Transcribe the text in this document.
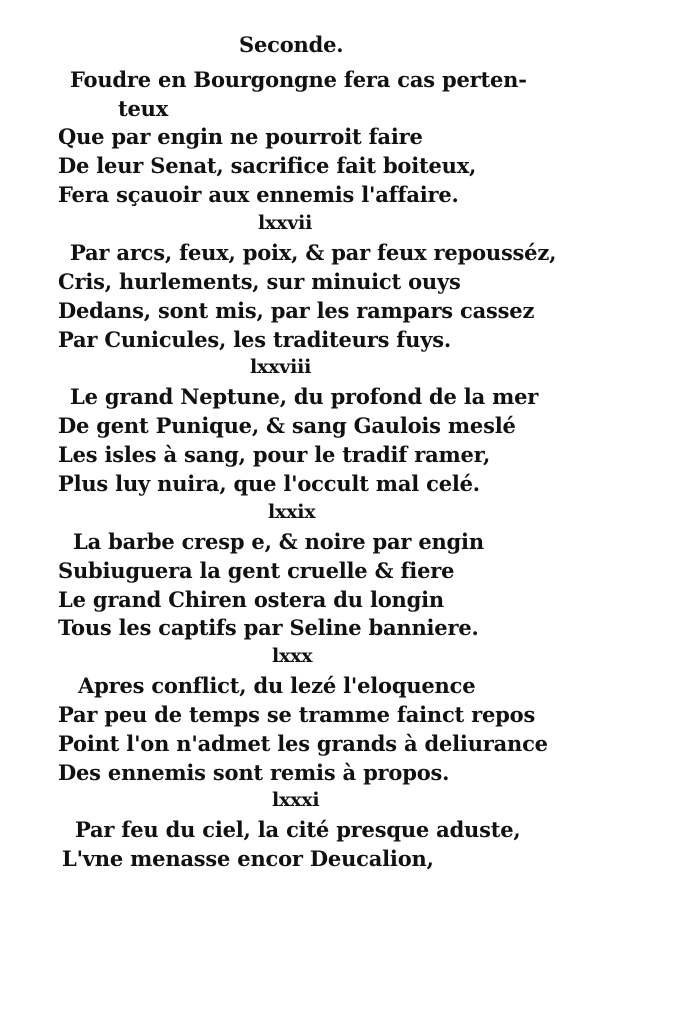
Seconde.
Foudre en Bourgongne fera cas perten-
teux
Que par engin ne pourroit faire
De leur Senat, sacrifice fait boiteux,
Fera sçauoir aux ennemis l'affaire.
lxxvii
Par arcs, feux, poix, & par feux repousséz,
Cris, hurlements, sur minuict ouys
Dedans, sont mis, par les rampars cassez
Par Cunicules, les traditeurs fuys.
lxxviii
Le grand Neptune, du profond de la mer
De gent Punique, & sang Gaulois meslé
Les isles à sang, pour le tradif ramer,
Plus luy nuira, que l'occult mal celé.
lxxix
La barbe cresp e, & noire par engin
Subiuguera la gent cruelle & fiere
Le grand Chiren ostera du longin
Tous les captifs par Seline banniere.
lxxx
Apres conflict, du lezé l'eloquence
Par peu de temps se tramme fainct repos
Point l'on n'admet les grands à deliurance
Des ennemis sont remis à propos.
lxxxi
Par feu du ciel, la cité presque aduste,
L'vne menasse encor Deucalion,
